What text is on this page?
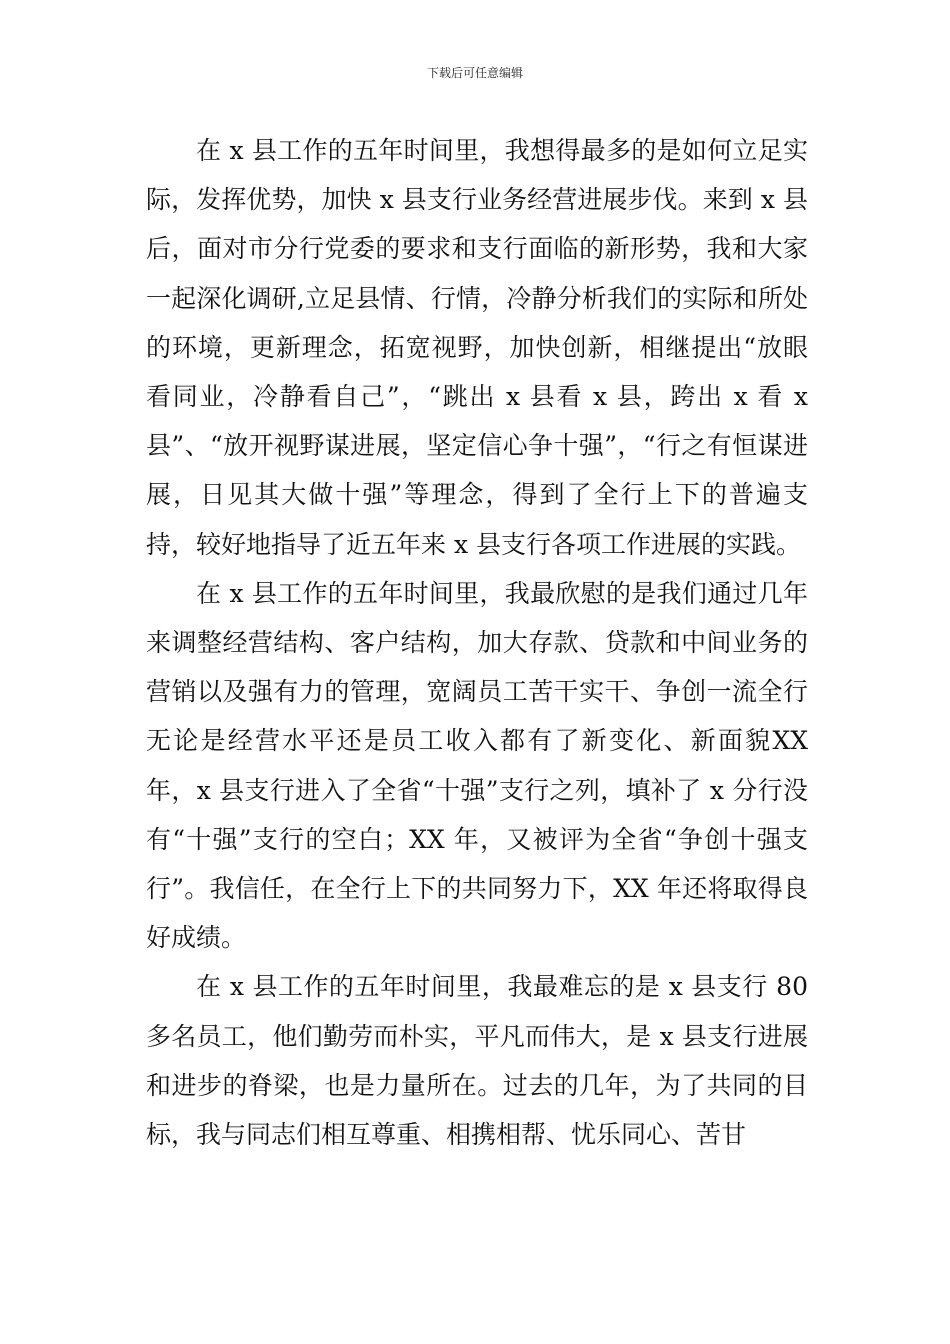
下载后可任意编辑

在 x 县工作的五年时间里，我想得最多的是如何立足实际，发挥优势，加快 x 县支行业务经营进展步伐。来到 x 县后，面对市分行党委的要求和支行面临的新形势，我和大家一起深化调研,立足县情、行情，冷静分析我们的实际和所处的环境，更新理念，拓宽视野，加快创新，相继提出“放眼看同业，冷静看自己”，“跳出 x 县看 x 县，跨出 x 看 x 县”、“放开视野谋进展，坚定信心争十强”，“行之有恒谋进展，日见其大做十强”等理念，得到了全行上下的普遍支持，较好地指导了近五年来 x 县支行各项工作进展的实践。

在 x 县工作的五年时间里，我最欣慰的是我们通过几年来调整经营结构、客户结构，加大存款、贷款和中间业务的营销以及强有力的管理，宽阔员工苦干实干、争创一流全行无论是经营水平还是员工收入都有了新变化、新面貌XX 年，x 县支行进入了全省“十强”支行之列，填补了 x 分行没有“十强”支行的空白；XX 年，又被评为全省“争创十强支行”。我信任，在全行上下的共同努力下，XX 年还将取得良好成绩。

在 x 县工作的五年时间里，我最难忘的是 x 县支行 80 多名员工，他们勤劳而朴实，平凡而伟大，是 x 县支行进展和进步的脊梁，也是力量所在。过去的几年，为了共同的目标，我与同志们相互尊重、相携相帮、忧乐同心、苦甘
